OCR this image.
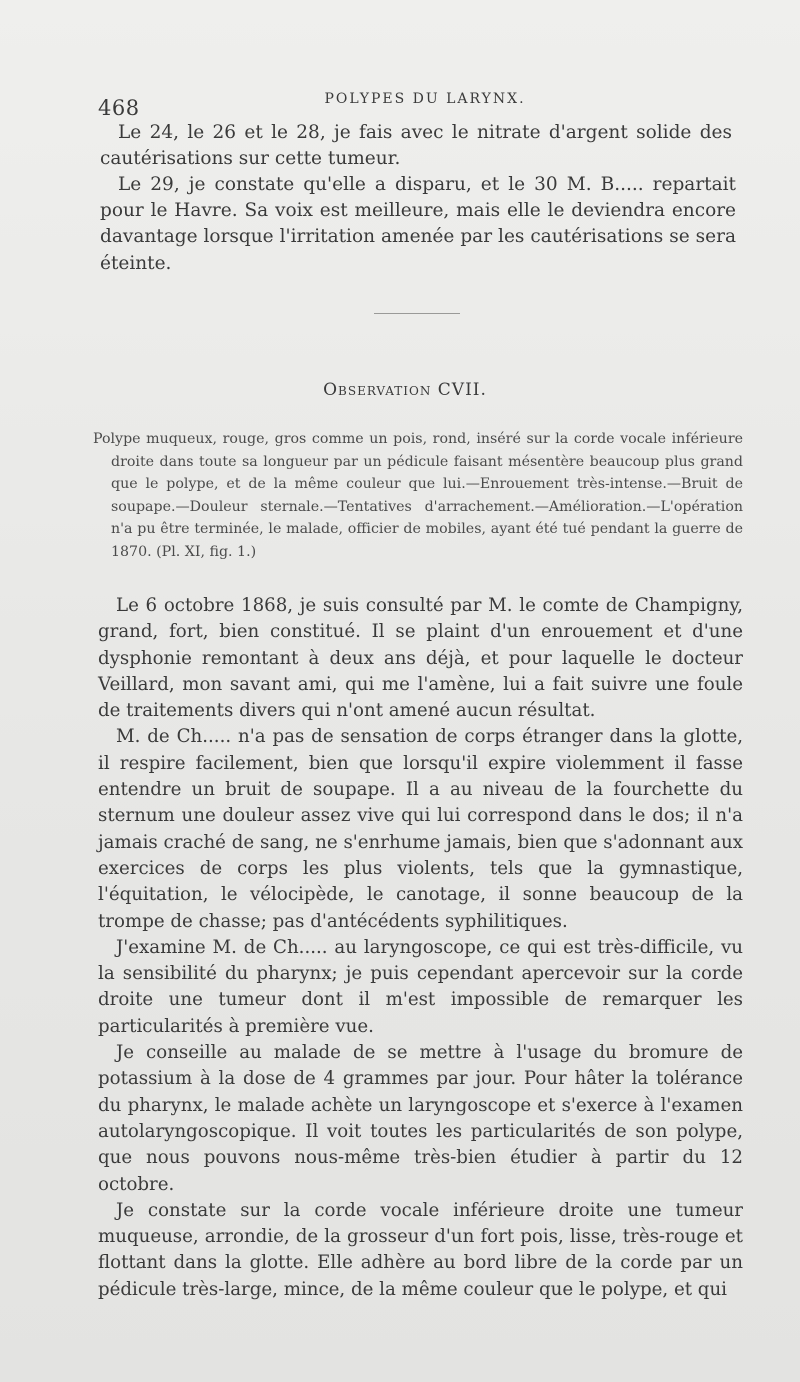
468	POLYPES DU LARYNX.

Le 24, le 26 et le 28, je fais avec le nitrate d'argent solide des cautérisations sur cette tumeur.

Le 29, je constate qu'elle a disparu, et le 30 M. B..... repartait pour le Havre. Sa voix est meilleure, mais elle le deviendra encore davantage lorsque l'irritation amenée par les cautérisations se sera éteinte.

Observation CVII.

Polype muqueux, rouge, gros comme un pois, rond, inséré sur la corde vocale inférieure droite dans toute sa longueur par un pédicule faisant mésentère beaucoup plus grand que le polype, et de la même couleur que lui.—Enrouement très-intense.—Bruit de soupape.—Douleur sternale.—Tentatives d'arrachement.—Amélioration.—L'opération n'a pu être terminée, le malade, officier de mobiles, ayant été tué pendant la guerre de 1870. (Pl. XI, fig. 1.)

Le 6 octobre 1868, je suis consulté par M. le comte de Champigny, grand, fort, bien constitué. Il se plaint d'un enrouement et d'une dysphonie remontant à deux ans déjà, et pour laquelle le docteur Veillard, mon savant ami, qui me l'amène, lui a fait suivre une foule de traitements divers qui n'ont amené aucun résultat.

M. de Ch..... n'a pas de sensation de corps étranger dans la glotte, il respire facilement, bien que lorsqu'il expire violemment il fasse entendre un bruit de soupape. Il a au niveau de la fourchette du sternum une douleur assez vive qui lui correspond dans le dos; il n'a jamais craché de sang, ne s'enrhume jamais, bien que s'adonnant aux exercices de corps les plus violents, tels que la gymnastique, l'équitation, le vélocipède, le canotage, il sonne beaucoup de la trompe de chasse; pas d'antécédents syphilitiques.

J'examine M. de Ch..... au laryngoscope, ce qui est très-difficile, vu la sensibilité du pharynx; je puis cependant apercevoir sur la corde droite une tumeur dont il m'est impossible de remarquer les particularités à première vue.

Je conseille au malade de se mettre à l'usage du bromure de potassium à la dose de 4 grammes par jour. Pour hâter la tolérance du pharynx, le malade achète un laryngoscope et s'exerce à l'examen autolaryngoscopique. Il voit toutes les particularités de son polype, que nous pouvons nous-même très-bien étudier à partir du 12 octobre.

Je constate sur la corde vocale inférieure droite une tumeur muqueuse, arrondie, de la grosseur d'un fort pois, lisse, très-rouge et flottant dans la glotte. Elle adhère au bord libre de la corde par un pédicule très-large, mince, de la même couleur que le polype, et qui
